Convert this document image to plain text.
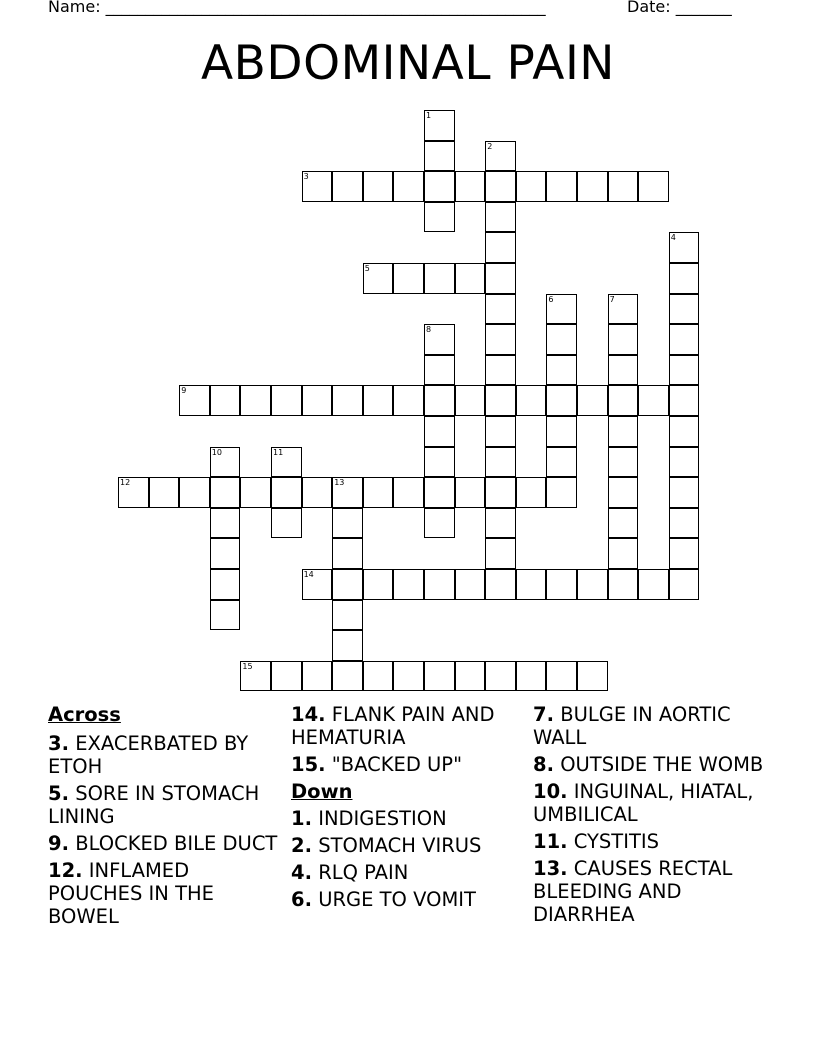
Name: _______________________________________________________	Date: _______
ABDOMINAL PAIN
1
2
3
4
5
6	7
8
9
10	11
12	13
14
15
Across
3. EXACERBATED BY ETOH
5. SORE IN STOMACH LINING
9. BLOCKED BILE DUCT
12. INFLAMED POUCHES IN THE BOWEL
14. FLANK PAIN AND HEMATURIA
15. "BACKED UP"
Down
1. INDIGESTION
2. STOMACH VIRUS
4. RLQ PAIN
6. URGE TO VOMIT
7. BULGE IN AORTIC WALL
8. OUTSIDE THE WOMB
10. INGUINAL, HIATAL, UMBILICAL
11. CYSTITIS
13. CAUSES RECTAL BLEEDING AND DIARRHEA
